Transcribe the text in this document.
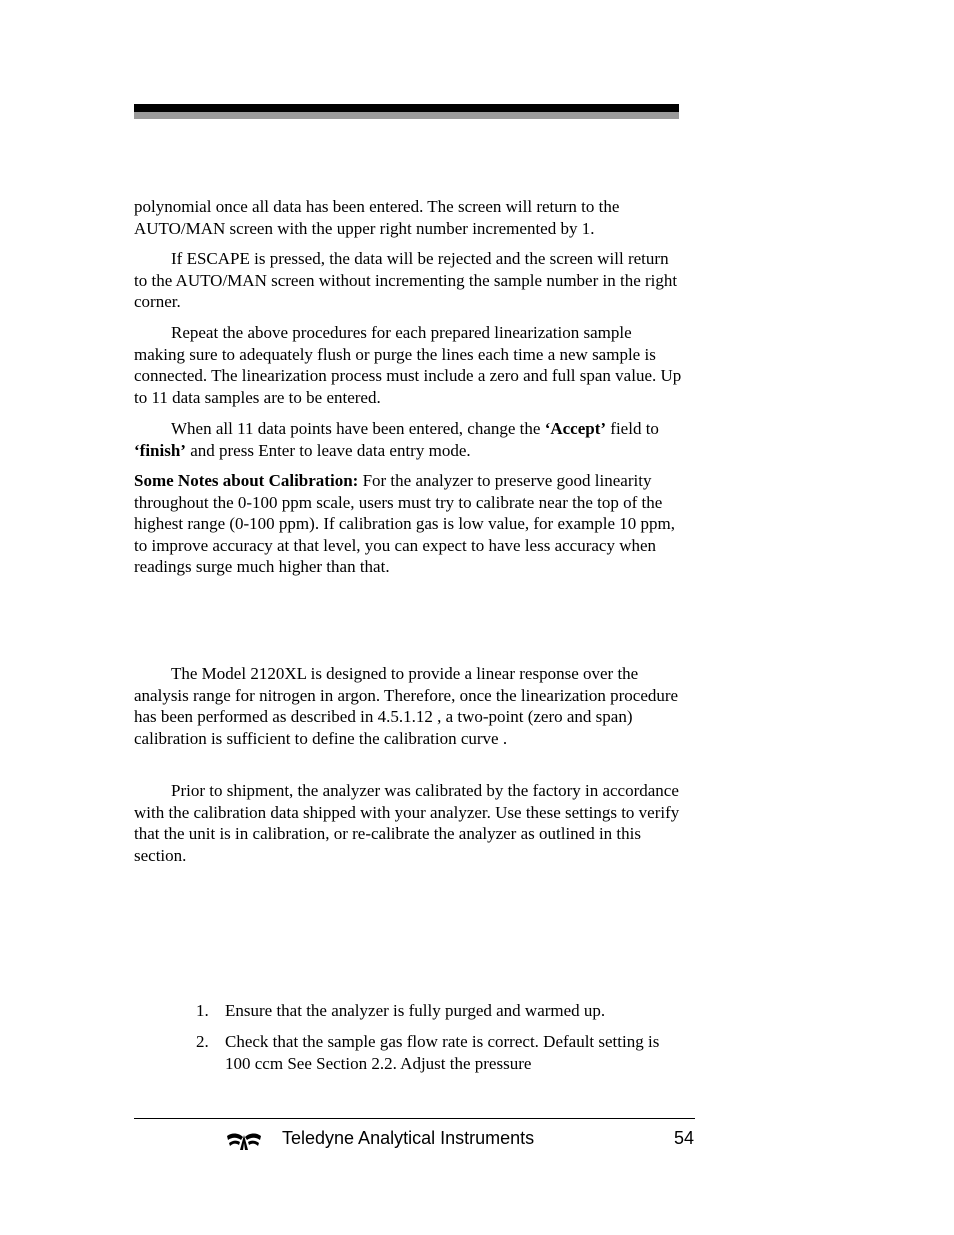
polynomial once all data has been entered. The screen will return to the AUTO/MAN screen with the upper right number incremented by 1.

If ESCAPE is pressed, the data will be rejected and the screen will return to the AUTO/MAN screen without incrementing the sample number in the right corner.

Repeat the above procedures for each prepared linearization sample making sure to adequately flush or purge the lines each time a new sample is connected. The linearization process must include a zero and full span value. Up to 11 data samples are to be entered.

When all 11 data points have been entered, change the ‘Accept’ field to ‘finish’ and press Enter to leave data entry mode.

Some Notes about Calibration: For the analyzer to preserve good linearity throughout the 0-100 ppm scale, users must try to calibrate near the top of the highest range (0-100 ppm). If calibration gas is low value, for example 10 ppm, to improve accuracy at that level, you can expect to have less accuracy when readings surge much higher than that.

The Model 2120XL is designed to provide a linear response over the analysis range for nitrogen in argon. Therefore, once the linearization procedure has been performed as described in 4.5.1.12 , a two-point (zero and span) calibration is sufficient to define the calibration curve .

Prior to shipment, the analyzer was calibrated by the factory in accordance with the calibration data shipped with your analyzer. Use these settings to verify that the unit is in calibration, or re-calibrate the analyzer as outlined in this section.

1. Ensure that the analyzer is fully purged and warmed up.
2. Check that the sample gas flow rate is correct. Default setting is 100 ccm See Section 2.2. Adjust the pressure
Teledyne Analytical Instruments	54
